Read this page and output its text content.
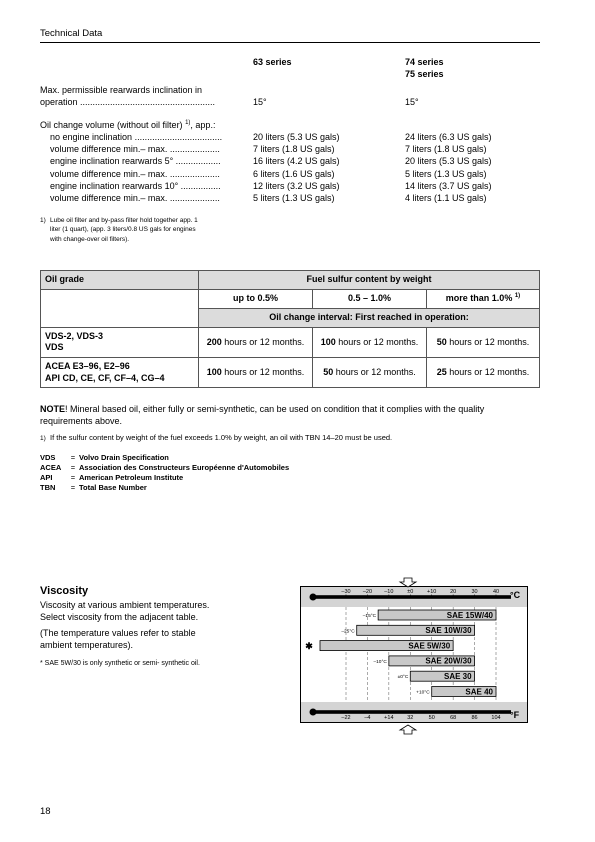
Technical Data
63 series	74 series
75 series
Max. permissible rearwards inclination in
operation ......................................................	15°	15°
Oil change volume (without oil filter) $^{1)}$, app.:
no engine inclination ...................................	20 liters (5.3 US gals)	24 liters (6.3 US gals)
volume difference min.– max. ....................	7 liters (1.8 US gals)	7 liters (1.8 US gals)
engine inclination rearwards 5° ..................	16 liters (4.2 US gals)	20 liters (5.3 US gals)
volume difference min.– max. ....................	6 liters (1.6 US gals)	5 liters (1.3 US gals)
engine inclination rearwards 10° ................	12 liters (3.2 US gals)	14 liters (3.7 US gals)
volume difference min.– max. ....................	5 liters (1.3 US gals)	4 liters (1.1 US gals)
1) Lube oil filter and by-pass filter hold together app. 1
liter (1 quart), (app. 3 liters/0.8 US gals for engines
with change-over oil filters).
Oil grade	Fuel sulfur content by weight		
	up to 0.5%	0.5 – 1.0%	more than 1.0% $^{1)}$
	Oil change interval: First reached in operation:		

VDS-2, VDS-3
VDS	200 hours or 12 months.	100 hours or 12 months.	50 hours or 12 months.

ACEA E3–96, E2–96
API CD, CE, CF, CF–4, CG–4	100 hours or 12 months.	50 hours or 12 months.	25 hours or 12 months.
NOTE! Mineral based oil, either fully or semi-synthetic, can be used on condition that it complies with the quality
requirements above.
1) If the sulfur content by weight of the fuel exceeds 1.0% by weight, an oil with TBN 14–20 must be used.
VDS = Volvo Drain Specification
ACEA = Association des Constructeurs Européenne d'Automobiles
API = American Petroleum Institute
TBN = Total Base Number
Viscosity
Viscosity at various ambient temperatures.
Select viscosity from the adjacent table.
(The temperature values refer to stable
ambient temperatures).
* SAE 5W/30 is only synthetic or semi- synthetic oil.
–30
–22
–20
–4
–10
+14
±0
32
+10
50
20
68
30
86
40
104
°C
°F
SAE 15W/40
–15°C
SAE 10W/30
–25°C
SAE 5W/30
✱
SAE 20W/30
–10°C
SAE 30
±0°C
SAE 40
+10°C
18
